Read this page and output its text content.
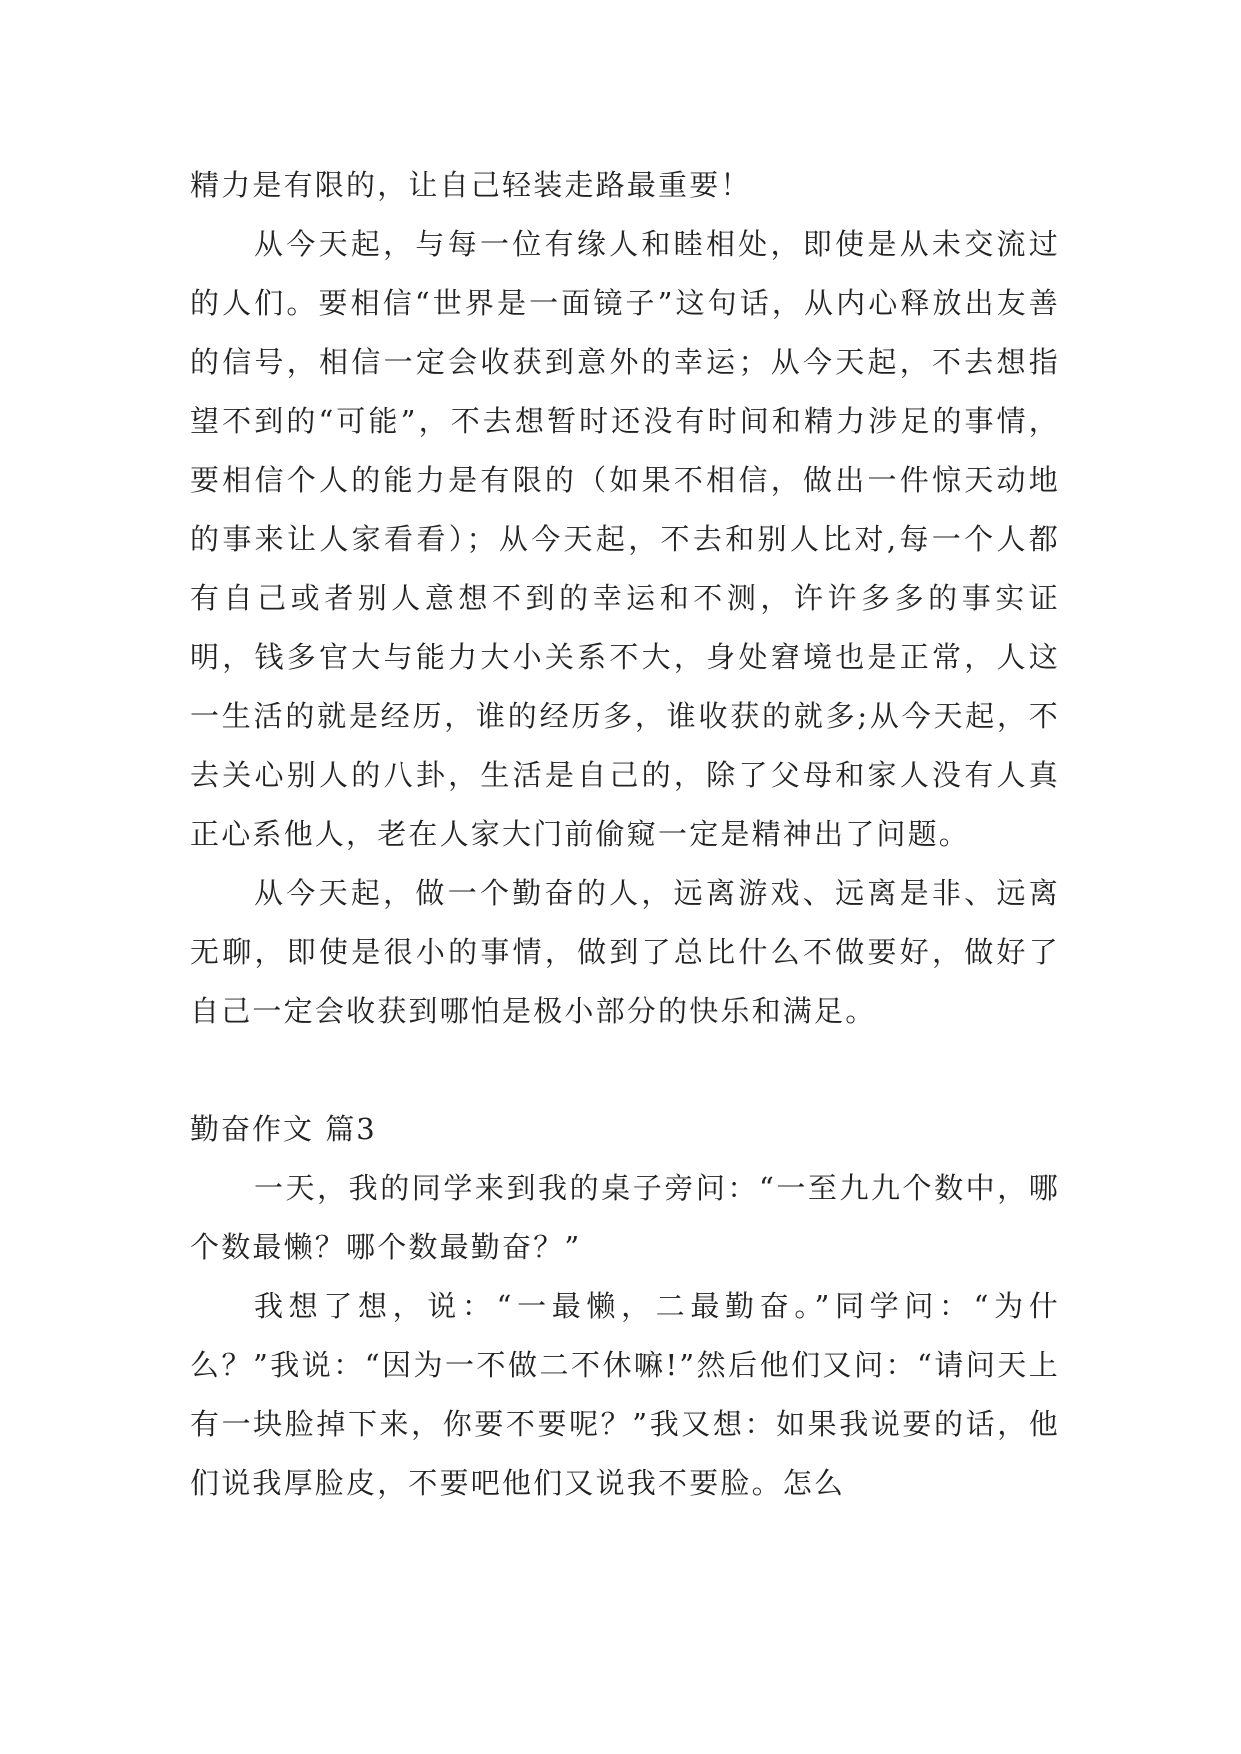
精力是有限的，让自己轻装走路最重要！

从今天起，与每一位有缘人和睦相处，即使是从未交流过的人们。要相信“世界是一面镜子”这句话，从内心释放出友善的信号，相信一定会收获到意外的幸运；从今天起，不去想指望不到的“可能”，不去想暂时还没有时间和精力涉足的事情，要相信个人的能力是有限的（如果不相信，做出一件惊天动地的事来让人家看看）；从今天起，不去和别人比对,每一个人都有自己或者别人意想不到的幸运和不测，许许多多的事实证明，钱多官大与能力大小关系不大，身处窘境也是正常，人这一生活的就是经历，谁的经历多，谁收获的就多;从今天起，不去关心别人的八卦，生活是自己的，除了父母和家人没有人真正心系他人，老在人家大门前偷窥一定是精神出了问题。

从今天起，做一个勤奋的人，远离游戏、远离是非、远离无聊，即使是很小的事情，做到了总比什么不做要好，做好了自己一定会收获到哪怕是极小部分的快乐和满足。

勤奋作文 篇3

一天，我的同学来到我的桌子旁问：“一至九九个数中，哪个数最懒？哪个数最勤奋？”

我想了想，说：“一最懒，二最勤奋。”同学问：“为什么？”我说：“因为一不做二不休嘛!”然后他们又问：“请问天上有一块脸掉下来，你要不要呢？”我又想：如果我说要的话，他们说我厚脸皮，不要吧他们又说我不要脸。怎么
